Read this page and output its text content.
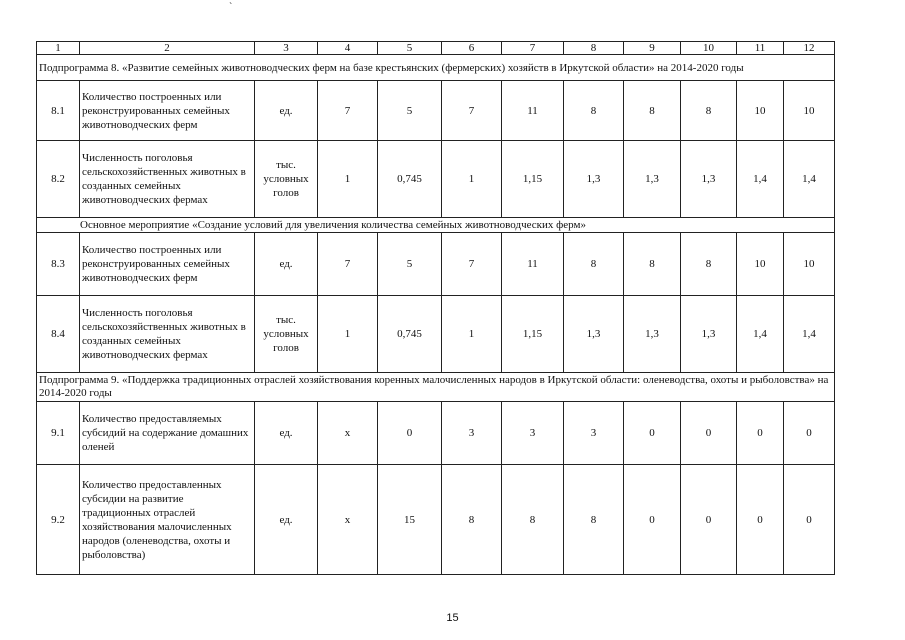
`
1	2	3	4	5	6	7	8	9	10	11	12
Подпрограмма 8. «Развитие семейных животноводческих ферм на базе крестьянских (фермерских) хозяйств в Иркутской области» на 2014-2020 годы											
8.1	Количество построенных или реконструированных семейных животноводческих ферм	ед.	7	5	7	11	8	8	8	10	10
8.2	Численность поголовья сельскохозяйственных животных в созданных семейных животноводческих фермах	тыс. условных голов	1	0,745	1	1,15	1,3	1,3	1,3	1,4	1,4
Основное мероприятие «Создание условий для увеличения количества семейных животноводческих ферм»											
8.3	Количество построенных или реконструированных семейных животноводческих ферм	ед.	7	5	7	11	8	8	8	10	10
8.4	Численность поголовья сельскохозяйственных животных в созданных семейных животноводческих фермах	тыс. условных голов	1	0,745	1	1,15	1,3	1,3	1,3	1,4	1,4
Подпрограмма 9. «Поддержка традиционных отраслей хозяйствования коренных малочисленных народов в Иркутской области: оленеводства, охоты и рыболовства» на 2014-2020 годы											
9.1	Количество предоставляемых субсидий на содержание домашних оленей	ед.	х	0	3	3	3	0	0	0	0
9.2	Количество предоставленных субсидии на развитие традиционных отраслей хозяйствования малочисленных народов (оленеводства, охоты и рыболовства)	ед.	х	15	8	8	8	0	0	0	0
15
